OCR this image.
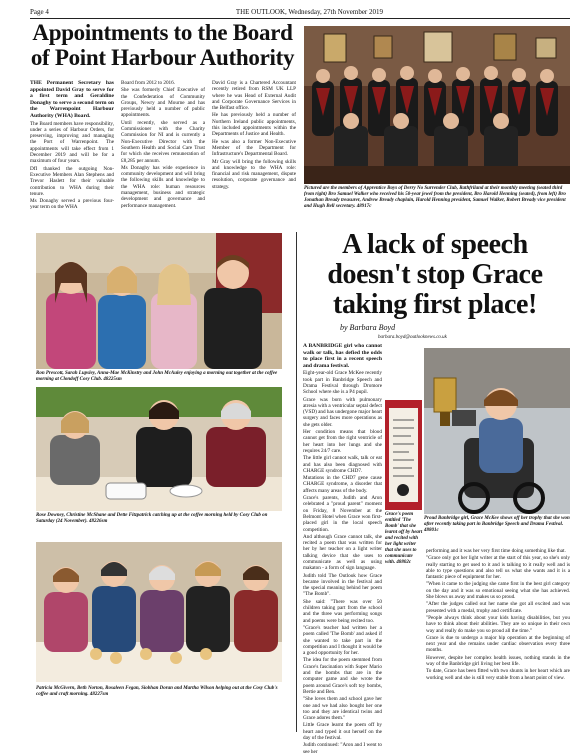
Page 4	THE OUTLOOK, Wednesday, 27th November 2019
Appointments to the Board of Point Harbour Authority

THE Permanent Secretary has appointed David Gray to serve for a first term and Geraldine Donaghy to serve a second term on the Warrenpoint Harbour Authority (WHA) Board.

The Board members have responsibility, under a series of Harbour Orders, for preserving, improving and managing the Port of Warrenpoint. The appointments will take effect from 1 December 2019 and will be for a maximum of four years.

DfI thanked the outgoing Non-Executive Members Alan Stephens and Trevor Haslett for their valuable contribution to WHA during their tenure.

Ms Donaghy served a previous four-year term on the WHA

Board from 2012 to 2016.

She was formerly Chief Executive of the Confederation of Community Groups, Newry and Mourne and has previously held a number of public appointments.

Until recently, she served as a Commissioner with the Charity Commission for NI and is currently a Non-Executive Director with the Southern Health and Social Care Trust for which she receives remuneration of £8,285 per annum.

Ms Donaghy has wide experience in community development and will bring the following skills and knowledge to the WHA role: human resources management, business and strategic development and governance and performance management.

David Gray is a Chartered Accountant recently retired from RSM UK LLP where he was Head of External Audit and Corporate Governance Services in the Belfast office.

He has previously held a number of Northern Ireland public appointments, this included appointments within the Departments of Justice and Health.

He was also a former Non-Executive Member of the Department for Infrastructure's Departmental Board.

Mr Gray will bring the following skills and knowledge to the WHA role: financial and risk management, dispute resolution, corporate governance and strategy.	Pictured are the members of Apprentice Boys of Derry No Surrender Club, Rathfriland at their monthly meeting (seated third from right) Bro Samuel Walker who received his 50-year jewel from the president, Bro Harold Henning (seated), from left) Bro Jonathan Bready treasurer, Andrew Bready chaplain, Harold Henning president, Samuel Walker, Robert Bready vice president and Hugh Bell secretary. 48917c
Ron Prescott, Sarah Lupsley, Anna-Mae McKinstry and John McAuley enjoying a morning out together at the coffee morning at Clondoff Cosy Club. 48225sm
Rose Downey, Christine McShane and Dette Fitzpatrick catching up at the coffee morning held by Cosy Club on Saturday (24 November). 48226sm
Patricia McGivern, Beth Norton, Rosaleen Fegan, Siobhan Doran and Martha Wilson helping out at the Cosy Club's coffee and craft morning. 48227sm
A lack of speech doesn't stop Grace taking first place!
by Barbara Boyd
barbara.boyd@outlooknews.co.uk

A BANBRIDGE girl who cannot walk or talk, has defied the odds to place first in a recent speech and drama festival.

Eight-year-old Grace McKee recently took part in Banbridge Speech and Drama Festival through Dromore School where she is a P4 pupil.

Grace was born with pulmonary atresia with a ventricular septal defect (VSD) and has undergone major heart surgery and faces more operations as she gets older.

Her condition means that blood cannot get from the right ventricle of her heart into her lungs and she requires 24/7 care.

The little girl cannot walk, talk or eat and has also been diagnosed with CHARGE syndrome CHD7.

Mutations in the CHD7 gene cause CHARGE syndrome, a disorder that affects many areas of the body.

Grace's parents, Judith and Aron celebrated a "proud parent" moment on Friday, 8 November at the Belmont Hotel when Grace won first-placed girl in the local speech competition.

And although Grace cannot talk, she recited a poem that was written for her by her teacher on a light writer talking device that she uses to communicate as well as using makaton - a form of sign language.

Judith told The Outlook how Grace became involved in the festival and the special meaning behind her poem "The Bomb".

She said: "There was over 50 children taking part from the school and the three was performing songs and poems were being recited too.

"Grace's teacher had written her a poem called 'The Bomb' and asked if she wanted to take part in the competition and I thought it would be a good opportunity for her.

The idea for the poem stemmed from Grace's fascination with Super Mario and the bombs that are in the computer game and she wrote the poem around Grace's soft toy bombs, Bertie and Ben.

"She loves them and school gave her one and we had also bought her one too and they are identical twins and Grace adores them."

Little Grace learnt the poem off by heart and typed it out herself on the day of the festival.

Judith continued: "Aron and I went to see her

Grace's poem entitled 'The Bomb' that she learnt off by heart and recited with her light writer that she uses to communicate with. 48802c
Proud Banbridge girl, Grace McKee shows off her trophy that she won after recently taking part in Banbridge Speech and Drama Festival. 48801c

performing and it was her very first time doing something like that.

"Grace only got her light writer at the start of this year, so she's only really starting to get used to it and is talking to it really well and is able to type questions and also tell us what she wants and it is a fantastic piece of equipment for her.

"When it came to the judging she came first in the best girl category on the day and it was so emotional seeing what she has achieved. She blows us away and makes us so proud.

"After the judges called out her name she got all excited and was presented with a medal, trophy and certificate.

"People always think about your kids having disabilities, but you have to think about their abilities. They are so unique in their own way and really do make you so proud all the time."

Grace is due to undergo a major hip operation at the beginning of next year and she remains under cardiac observation every three months.

However, despite her complex health issues, nothing stands in the way of the Banbridge girl living her best life.

To date, Grace has been fitted with two shunts in her heart which are working well and she is still very stable from a heart point of view.
